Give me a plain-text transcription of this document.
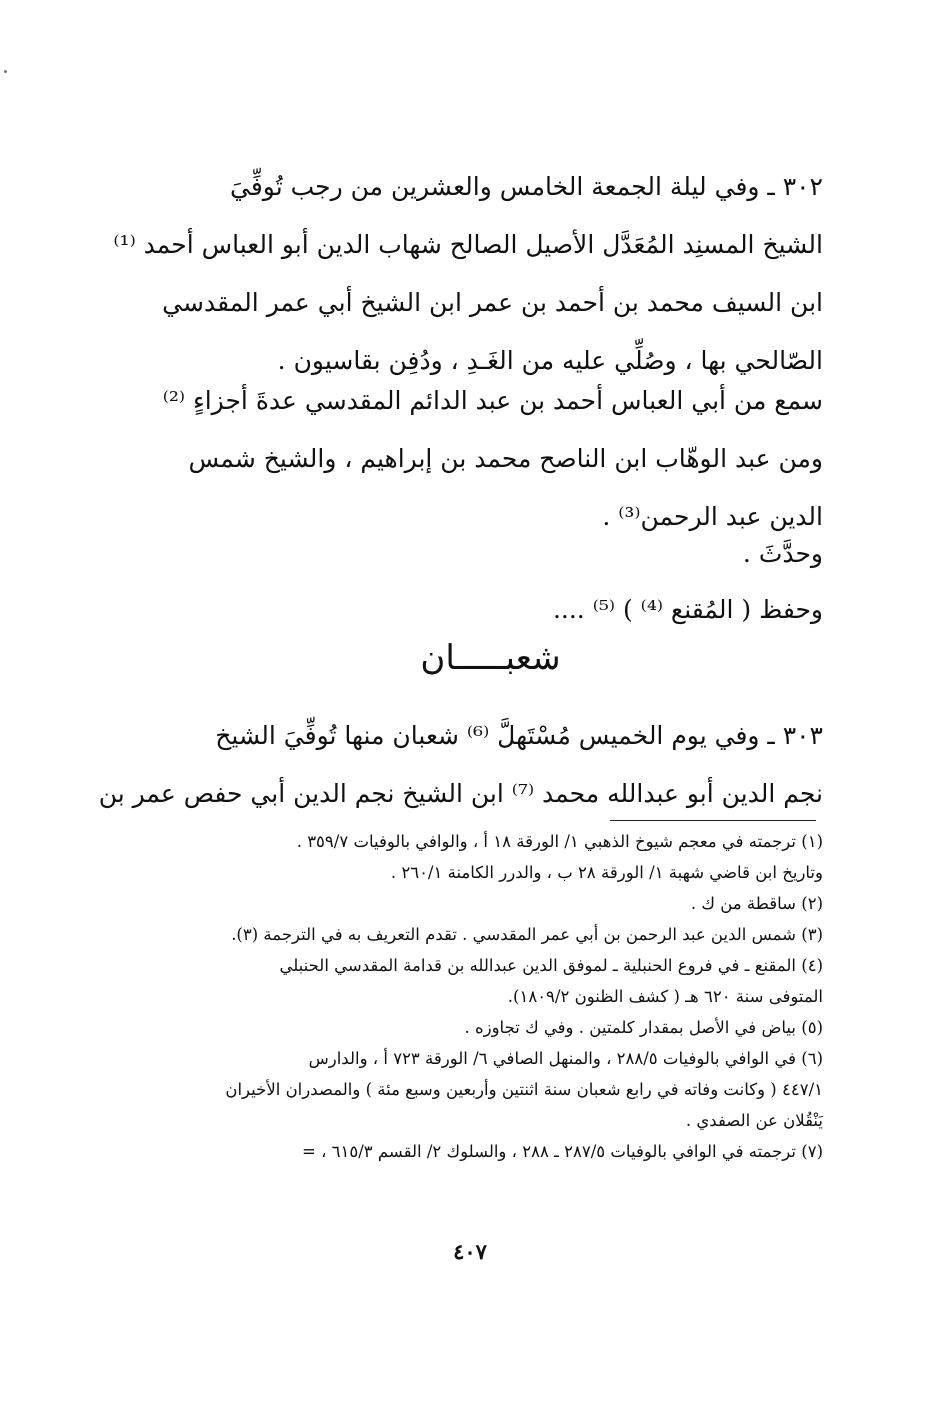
٣٠٢ ـ وفي ليلة الجمعة الخامس والعشرين من رجب تُوفِّيَ
الشيخ المسنِد المُعَدَّل الأصيل الصالح شهاب الدين أبو العباس أحمد ⁽¹⁾
ابن السيف محمد بن أحمد بن عمر ابن الشيخ أبي عمر المقدسي
الصّالحي بها ، وصُلِّي عليه من الغَـدِ ، ودُفِن بقاسيون .
سمع من أبي العباس أحمد بن عبد الدائم المقدسي عدةَ أجزاءٍ ⁽²⁾
ومن عبد الوهّاب ابن الناصح محمد بن إبراهيم ، والشيخ شمس
الدين عبد الرحمن⁽³⁾ .
وحدَّثَ .
وحفظ ( المُقنع ⁽⁴⁾ ) ⁽⁵⁾ ....
شعبـــــان
٣٠٣ ـ وفي يوم الخميس مُسْتَهلَّ ⁽⁶⁾ شعبان منها تُوفِّيَ الشيخ
نجم الدين أبو عبدالله محمد ⁽⁷⁾ ابن الشيخ نجم الدين أبي حفص عمر بن
(١) ترجمته في معجم شيوخ الذهبي ١/ الورقة ١٨ أ ، والوافي بالوفيات ٣٥٩/٧ .
وتاريخ ابن قاضي شهبة ١/ الورقة ٢٨ ب ، والدرر الكامنة ٢٦٠/١ .
(٢) ساقطة من ك .
(٣) شمس الدين عبد الرحمن بن أبي عمر المقدسي . تقدم التعريف به في الترجمة (٣).
(٤) المقنع ـ في فروع الحنبلية ـ لموفق الدين عبدالله بن قدامة المقدسي الحنبلي
المتوفى سنة ٦٢٠ هـ ( كشف الظنون ١٨٠٩/٢).
(٥) بياض في الأصل بمقدار كلمتين . وفي ك تجاوزه .
(٦) في الوافي بالوفيات ٢٨٨/٥ ، والمنهل الصافي ٦/ الورقة ٧٢٣ أ ، والدارس
٤٤٧/١ ( وكانت وفاته في رابع شعبان سنة اثنتين وأربعين وسبع مئة ) والمصدران الأخيران
يَنْقُلان عن الصفدي .
(٧) ترجمته في الوافي بالوفيات ٢٨٧/٥ ـ ٢٨٨ ، والسلوك ٢/ القسم ٦١٥/٣ ، =
٤٠٧
